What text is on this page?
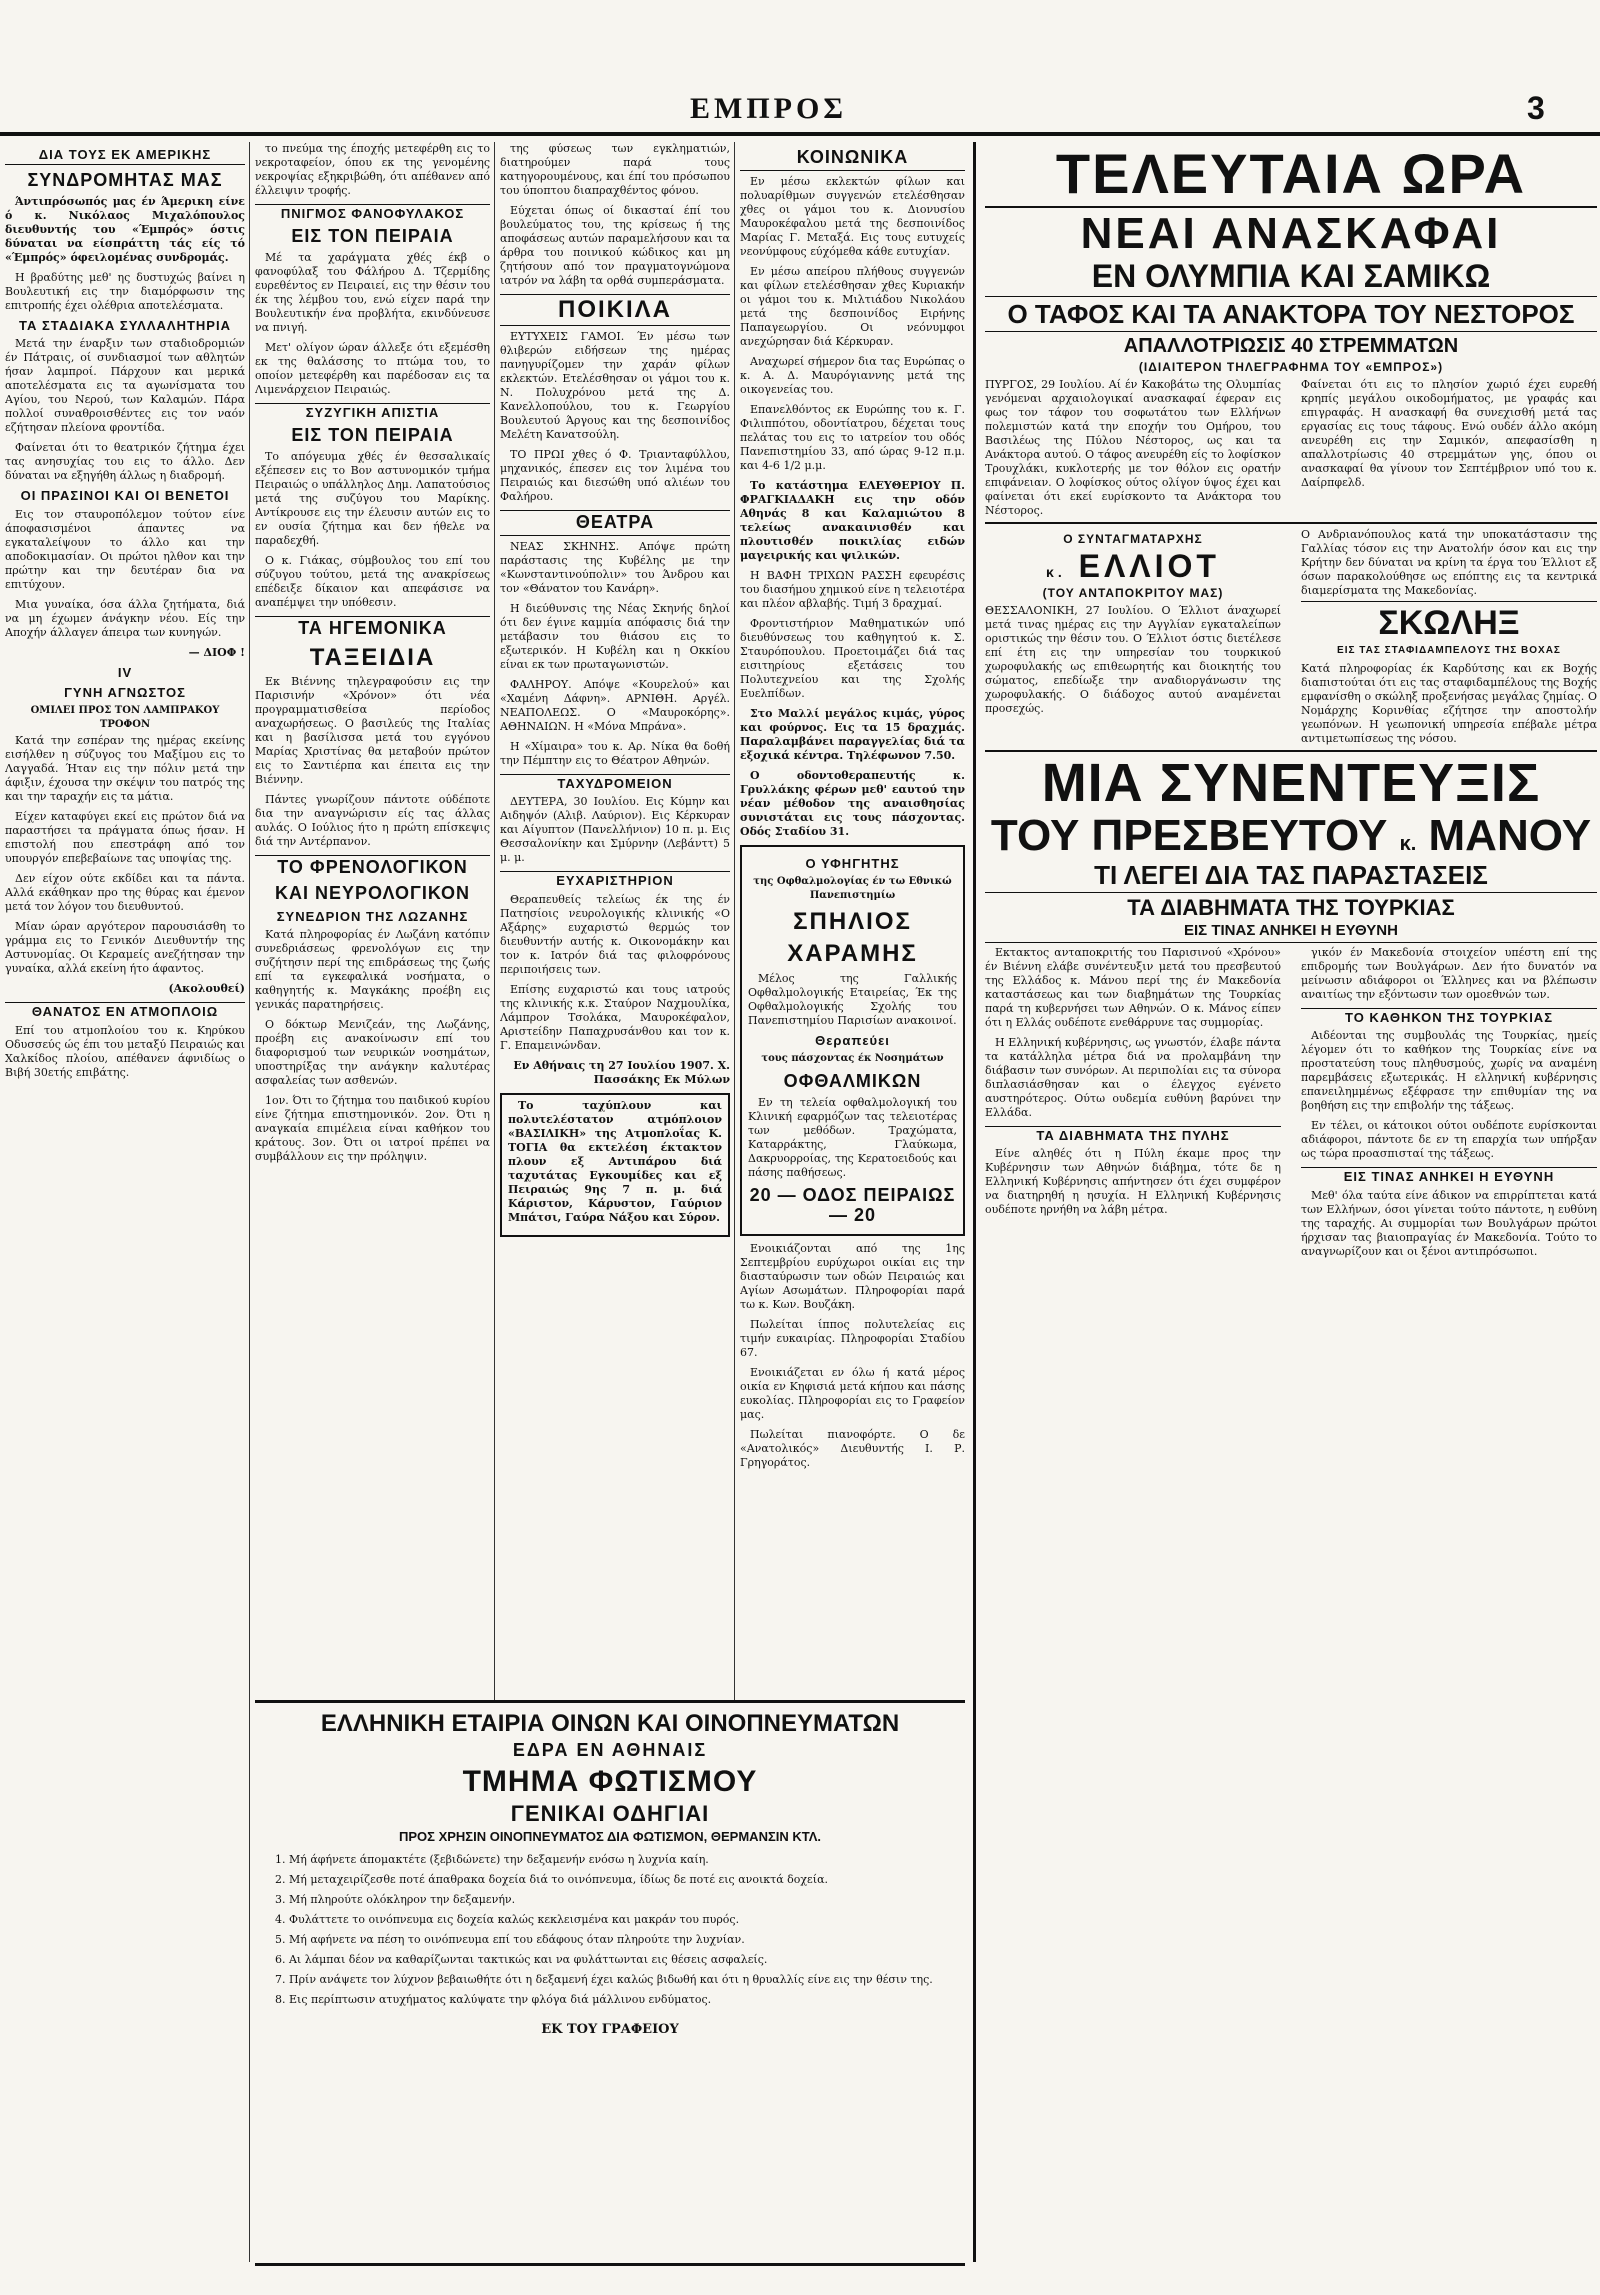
ΕΜΠΡΟΣ	3
ΔΙΑ ΤΟΥΣ ΕΚ ΑΜΕΡΙΚΗΣ
ΣΥΝΔΡΟΜΗΤΑΣ ΜΑΣ

Άντιπρόσωπός μας έν Άμερικη είνε ό κ. Νικόλαος Μιχαλόπουλος διευθυντής του «Έμπρός» όστις δύναται να είσπράττη τάς είς τό «Έμπρός» όφειλομένας συνδρομάς.

Η βραδύτης μεθ' ης δυστυχώς βαίνει η Βουλευτική εις την διαμόρφωσιν της επιτροπής έχει ολέθρια αποτελέσματα.

ΤΑ ΣΤΑΔΙΑΚΑ ΣΥΛΛΑΛΗΤΗΡΙΑ

Μετά την έναρξιν των σταδιοδρομιών έν Πάτραις, οί συνδιασμοί των αθλητών ήσαν λαμπροί. Πάρχουν και μερικά αποτελέσματα εις τα αγωνίσματα του Αγίου, του Νερού, των Καλαμών. Πάρα πολλοί συναθροισθέντες εις τον ναόν εζήτησαν πλείονα φροντίδα.

Φαίνεται ότι το θεατρικόν ζήτημα έχει τας ανησυχίας του εις το άλλο. Δεν δύναται να εξηγήθη άλλως η διαδρομή.

ΟΙ ΠΡΑΣΙΝΟΙ ΚΑΙ ΟΙ ΒΕΝΕΤΟΙ

Εις τον σταυροπόλεμον τούτον είνε άποφασισμένοι άπαντες να εγκαταλείψουν το άλλο και την αποδοκιμασίαν. Οι πρώτοι ηλθον και την πρώτην και την δευτέραν δια να επιτύχουν.

Μια γυναίκα, όσα άλλα ζητήματα, διά να μη έχωμεν άνάγκην νέου. Είς την Αποχήν άλλαγεν άπειρα των κυνηγών.

— ΔΙΟΦ !

IV
ΓΥΝΗ ΑΓΝΩΣΤΟΣ
ΟΜΙΛΕΙ ΠΡΟΣ ΤΟΝ ΛΑΜΠΡΑΚΟΥ ΤΡΟΦΟΝ

Κατά την εσπέραν της ημέρας εκείνης εισήλθεν η σύζυγος του Μαξίμου εις το Λαγγαδά. Ήταν εις την πόλιν μετά την άφιξιν, έχουσα την σκέψιν του πατρός της και την ταραχήν εις τα μάτια.

Είχεν καταφύγει εκεί εις πρώτον διά να παραστήσει τα πράγματα όπως ήσαν. Η επιστολή που επεστράφη από τον υπουργόν επεβεβαίωνε τας υποψίας της.

Δεν είχον ούτε εκδίδει και τα πάντα. Αλλά εκάθηκαν προ της θύρας και έμενον μετά τον λόγον του διευθυντού.

Μίαν ώραν αργότερον παρουσιάσθη το γράμμα εις το Γενικόν Διευθυντήν της Αστυνομίας. Οι Κεραμείς ανεζήτησαν την γυναίκα, αλλά εκείνη ήτο άφαντος.

(Ακολουθεί)

ΘΑΝΑΤΟΣ ΕΝ ΑΤΜΟΠΛΟΙΩ

Επί του ατμοπλοίου του κ. Κηρύκου Οδυσσεύς ώς έπι του μεταξύ Πειραιώς και Χαλκίδος πλοίου, απέθανεν άφνιδίως ο Βιβή 30ετής επιβάτης.

το πνεύμα της έποχής μετεφέρθη εις το νεκροταφείον, όπου εκ της γενομένης νεκροψίας εξηκριβώθη, ότι απέθανεν από έλλειψιν τροφής.

ΠΝΙΓΜΟΣ ΦΑΝΟΦΥΛΑΚΟΣ
ΕΙΣ ΤΟΝ ΠΕΙΡΑΙΑ

Μέ τα χαράγματα χθές έκβ ο φανοφύλαξ του Φάλήρου Δ. Τζερμίδης ευρεθέντος εν Πειραιεί, εις την θέσιν του έκ της λέμβου του, ενώ είχεν παρά την Βουλευτικήν ένα προβλήτα, εκινδύνευσε να πνιγή.

Μετ' ολίγον ώραν άλλεξε ότι εξεμέσθη εκ της θαλάσσης το πτώμα του, το οποίον μετεφέρθη και παρέδοσαν εις τα Λιμενάρχειον Πειραιώς.

ΣΥΖΥΓΙΚΗ ΑΠΙΣΤΙΑ
ΕΙΣ ΤΟΝ ΠΕΙΡΑΙΑ

Το απόγευμα χθές έν θεσσαλικαίς εξέπεσεν εις το Βον αστυνομικόν τμήμα Πειραιώς ο υπάλληλος Δημ. Λαπατούσιος μετά της συζύγου του Μαρίκης. Αντίκρουσε εις την έλευσιν αυτών εις το εν ουσία ζήτημα και δεν ήθελε να παραδεχθή.

Ο κ. Γιάκας, σύμβουλος του επί του σύζυγου τούτου, μετά της ανακρίσεως επέδειξε δίκαιον και απεφάσισε να αναπέμψει την υπόθεσιν.

ΤΑ ΗΓΕΜΟΝΙΚΑ
ΤΑΞΕΙΔΙΑ

Εκ Βιέννης τηλεγραφούσιν εις την Παρισινήν «Χρόνον» ότι νέα προγραμματισθείσα περίοδος αναχωρήσεως. Ο βασιλεύς της Ιταλίας και η βασίλισσα μετά του εγγόνου Μαρίας Χριστίνας θα μεταβούν πρώτον εις το Σαντιέρπα και έπειτα εις την Βιέννην.

Πάντες γνωρίζουν πάντοτε ούδέποτε δια την αναγνώρισιν είς τας άλλας αυλάς. Ο Ιούλιος ήτο η πρώτη επίσκεψις διά την Αντέρπανον.

ΤΟ ΦΡΕΝΟΛΟΓΙΚΟΝ
ΚΑΙ ΝΕΥΡΟΛΟΓΙΚΟΝ
ΣΥΝΕΔΡΙΟΝ ΤΗΣ ΛΩΖΑΝΗΣ

Κατά πληροφορίας έν Λωζάνη κατόπιν συνεδριάσεως φρενολόγων εις την συζήτησιν περί της επιδράσεως της ζωής επί τα εγκεφαλικά νοσήματα, ο καθηγητής κ. Μαγκάκης προέβη εις γενικάς παρατηρήσεις.

Ο δόκτωρ Μενιζεάν, της Λωζάνης, προέβη εις ανακοίνωσιν επί του διαφορισμού των νευρικών νοσημάτων, υποστηρίξας την ανάγκην καλυτέρας ασφαλείας των ασθενών.

1ον. Ότι το ζήτημα του παιδικού κυρίου είνε ζήτημα επιστημονικόν. 2ον. Ότι η αναγκαία επιμέλεια είναι καθήκον του κράτους. 3ον. Ότι οι ιατροί πρέπει να συμβάλλουν εις την πρόληψιν.

της φύσεως των εγκληματιών, διατηρούμεν παρά τους κατηγορουμένους, και έπί του πρόσωπου του ύποπτου διαπραχθέντος φόνου.

Εύχεται όπως οί δικασταί έπί του βουλεύματος του, της κρίσεως ή της αποφάσεως αυτών παραμελήσουν και τα άρθρα του ποινικού κώδικος και μη ζητήσουν από τον πραγματογνώμονα ιατρόν να λάβη τα ορθά συμπεράσματα.

ΠΟΙΚΙΛΑ

ΕΥΤΥΧΕΙΣ ΓΑΜΟΙ. Έν μέσω των θλιβερών ειδήσεων της ημέρας πανηγυρίζομεν την χαράν φίλων εκλεκτών. Ετελέσθησαν οι γάμοι του κ. Ν. Πολυχρόνου μετά της Δ. Κανελλοπούλου, του κ. Γεωργίου Βουλευτού Άργους και της δεσποινίδος Μελέτη Κανατσούλη.

ΤΟ ΠΡΩΙ χθες ό Φ. Τριανταφύλλου, μηχανικός, έπεσεν εις τον λιμένα του Πειραιώς και διεσώθη υπό αλιέων του Φαλήρου.

ΘΕΑΤΡΑ

ΝΕΑΣ ΣΚΗΝΗΣ. Απόψε πρώτη παράστασις της Κυβέλης με την «Κωνσταντινούπολιν» του Άνδρου και τον «Θάνατον του Κανάρη».

Η διεύθυνσις της Νέας Σκηνής δηλοί ότι δεν έγινε καμμία απόφασις διά την μετάβασιν του θιάσου εις το εξωτερικόν. Η Κυβέλη και η Οκκίου είναι εκ των πρωταγωνιστών.

ΦΑΛΗΡΟΥ. Απόψε «Κουρελού» και «Χαμένη Δάφνη». ΑΡΝΙΘΗ. Αργέλ. ΝΕΑΠΟΛΕΩΣ. Ο «Μαυροκόρης». ΑΘΗΝΑΙΩΝ. Η «Μόνα Μπράνα».

Η «Χίμαιρα» του κ. Αρ. Νίκα θα δοθή την Πέμπτην εις το Θέατρον Αθηνών.

ΤΑΧΥΔΡΟΜΕΙΟΝ

ΔΕΥΤΕΡΑ, 30 Ιουλίου. Εις Κύμην και Αιδηψόν (Αλιβ. Λαύριον). Εις Κέρκυραν και Αίγυπτον (Πανελλήνιον) 10 π. μ. Εις Θεσσαλονίκην και Σμύρνην (Λεβάνττ) 5 μ. μ.

ΕΥΧΑΡΙΣΤΗΡΙΟΝ

Θεραπευθείς τελείως έκ της έν Πατησίοις νευρολογικής κλινικής «Ο Αξάρης» ευχαριστώ θερμώς τον διευθυντήν αυτής κ. Οικονομάκην και τον κ. Ιατρόν διά τας φιλοφρόνους περιποιήσεις των.

Επίσης ευχαριστώ και τους ιατρούς της κλινικής κ.κ. Σταύρον Ναχμουλίκα, Λάμπρον Τσολάκα, Μαυροκέφαλον, Αριστείδην Παπαχρυσάνθου και τον κ. Γ. Επαμεινώνδαν.

Εν Αθήναις τη 27 Ιουλίου 1907. Χ. Πασσάκης Εκ Μύλων

Το ταχύπλουν και πολυτελέστατον ατμόπλοιον «ΒΑΣΙΛΙΚΗ» της Ατμοπλοΐας Κ. ΤΟΓΙΑ θα εκτελέση έκτακτον πλουν εξ Αντιπάρου διά ταχυτάτας Εγκουμίδες και εξ Πειραιώς 9ης 7 π. μ. διά Κάριστον, Κάρυστον, Γαύριον Μπάτσι, Γαύρα Νάξου και Σύρον.

ΚΟΙΝΩΝΙΚΑ

Εν μέσω εκλεκτών φίλων και πολυαρίθμων συγγενών ετελέσθησαν χθες οι γάμοι του κ. Διονυσίου Μαυροκέφαλου μετά της δεσποινίδος Μαρίας Γ. Μεταξά. Εις τους ευτυχείς νεονύμφους εύχόμεθα κάθε ευτυχίαν.

Εν μέσω απείρου πλήθους συγγενών και φίλων ετελέσθησαν χθες Κυριακήν οι γάμοι του κ. Μιλτιάδου Νικολάου μετά της δεσποινίδος Ειρήνης Παπαγεωργίου. Οι νεόνυμφοι ανεχώρησαν διά Κέρκυραν.

Αναχωρεί σήμερον δια τας Ευρώπας ο κ. Α. Δ. Μαυρόγιαννης μετά της οικογενείας του.

Επανελθόντος εκ Ευρώπης του κ. Γ. Φιλιππότου, οδοντίατρου, δέχεται τους πελάτας του εις το ιατρείον του οδός Πανεπιστημίου 33, από ώρας 9-12 π.μ. και 4-6 1/2 μ.μ.

Το κατάστημα ΕΛΕΥΘΕΡΙΟΥ Π. ΦΡΑΓΚΙΑΔΑΚΗ εις την οδόν Αθηνάς 8 και Καλαμιώτου 8 τελείως ανακαινισθέν και πλουτισθέν ποικιλίας ειδών μαγειρικής και ψιλικών.

Η ΒΑΦΗ ΤΡΙΧΩΝ ΡΑΣΣΗ εφευρέσις του διασήμου χημικού είνε η τελειοτέρα και πλέον αβλαβής. Τιμή 3 δραχμαί.

Φροντιστήριον Μαθηματικών υπό διευθύνσεως του καθηγητού κ. Σ. Σταυρόπουλου. Προετοιμάζει διά τας εισιτηρίους εξετάσεις του Πολυτεχνείου και της Σχολής Ευελπίδων.

Στο Μαλλί μεγάλος κιμάς, γύρος και φούρνος. Εις τα 15 δραχμάς. Παραλαμβάνει παραγγελίας διά τα εξοχικά κέντρα. Τηλέφωνον 7.50.

Ο οδοντοθεραπευτής κ. Γρυλλάκης φέρων μεθ' εαυτού την νέαν μέθοδον της αναισθησίας συνιστάται εις τους πάσχοντας. Οδός Σταδίου 31.

Ο ΥΦΗΓΗΤΗΣ
της Οφθαλμολογίας έν τω Εθνικώ Πανεπιστημίω
ΣΠΗΛΙΟΣ
ΧΑΡΑΜΗΣ

Μέλος της Γαλλικής Οφθαλμολογικής Εταιρείας, Έκ της Οφθαλμολογικής Σχολής του Πανεπιστημίου Παρισίων ανακοινοί.

Θεραπεύει
τους πάσχοντας έκ Νοσημάτων
ΟΦΘΑΛΜΙΚΩΝ

Εν τη τελεία οφθαλμολογική του Κλινική εφαρμόζων τας τελειοτέρας των μεθόδων. Τραχώματα, Καταρράκτης, Γλαύκωμα, Δακρυορροίας, της Κερατοειδούς και πάσης παθήσεως.

20 — ΟΔΟΣ ΠΕΙΡΑΙΩΣ — 20

Ενοικιάζονται από της 1ης Σεπτεμβρίου ευρύχωροι οικίαι εις την διασταύρωσιν των οδών Πειραιώς και Αγίων Ασωμάτων. Πληροφορίαι παρά τω κ. Κων. Βουζάκη.

Πωλείται ίππος πολυτελείας εις τιμήν ευκαιρίας. Πληροφορίαι Σταδίου 67.

Ενοικιάζεται εν όλω ή κατά μέρος οικία εν Κηφισιά μετά κήπου και πάσης ευκολίας. Πληροφορίαι εις το Γραφείον μας.

Πωλείται πιανοφόρτε. Ο δε «Ανατολικός» Διευθυντής Ι. Ρ. Γρηγοράτος.

ΤΕΛΕΥΤΑΙΑ ΩΡΑ
ΝΕΑΙ ΑΝΑΣΚΑΦΑΙ
ΕΝ ΟΛΥΜΠΙΑ ΚΑΙ ΣΑΜΙΚΩ
Ο ΤΑΦΟΣ ΚΑΙ ΤΑ ΑΝΑΚΤΟΡΑ ΤΟΥ ΝΕΣΤΟΡΟΣ
ΑΠΑΛΛΟΤΡΙΩΣΙΣ 40 ΣΤΡΕΜΜΑΤΩΝ
(ΙΔΙΑΙΤΕΡΟΝ ΤΗΛΕΓΡΑΦΗΜΑ ΤΟΥ «ΕΜΠΡΟΣ»)
ΠΥΡΓΟΣ, 29 Ιουλίου. Αί έν Κακοβάτω της Ολυμπίας γενόμεναι αρχαιολογικαί ανασκαφαί έφεραν εις φως τον τάφον του σοφωτάτου των Ελλήνων πολεμιστών κατά την εποχήν του Ομήρου, του Βασιλέως της Πύλου Νέστορος, ως και τα Ανάκτορα αυτού. Ο τάφος ανευρέθη είς το λοφίσκον Τρουχλάκι, κυκλοτερής με τον θόλον εις ορατήν επιφάνειαν. Ο λοφίσκος ούτος ολίγον ύψος έχει και φαίνεται ότι εκεί ευρίσκοντο τα Ανάκτορα του Νέστορος.
Φαίνεται ότι εις το πλησίον χωριό έχει ευρεθή κρηπίς μεγάλου οικοδομήματος, με γραφάς και επιγραφάς. Η ανασκαφή θα συνεχισθή μετά τας εργασίας εις τους τάφους. Ενώ ουδέν άλλο ακόμη ανευρέθη εις την Σαμικόν, απεφασίσθη η απαλλοτρίωσις 40 στρεμμάτων γης, όπου οι ανασκαφαί θα γίνουν τον Σεπτέμβριον υπό του κ. Δαίρπφελδ.
Ο ΣΥΝΤΑΓΜΑΤΑΡΧΗΣ
κ. ΕΛΛΙΟΤ
(ΤΟΥ ΑΝΤΑΠΟΚΡΙΤΟΥ ΜΑΣ)
ΘΕΣΣΑΛΟΝΙΚΗ, 27 Ιουλίου. Ο Έλλιοτ άναχωρεί μετά τινας ημέρας εις την Αγγλίαν εγκαταλείπων οριστικώς την θέσιν του. Ο Έλλιοτ όστις διετέλεσε επί έτη εις την υπηρεσίαν του τουρκικού χωροφυλακής ως επιθεωρητής και διοικητής του σώματος, επεδίωξε την αναδιοργάνωσιν της χωροφυλακής. Ο διάδοχος αυτού αναμένεται προσεχώς.
Ο Ανδριανόπουλος κατά την υποκατάστασιν της Γαλλίας τόσον εις την Ανατολήν όσον και εις την Κρήτην δεν δύναται να κρίνη τα έργα του Έλλιοτ εξ όσων παρακολούθησε ως επόπτης εις τα κεντρικά διαμερίσματα της Μακεδονίας.
ΣΚΩΛΗΞ
ΕΙΣ ΤΑΣ ΣΤΑΦΙΔΑΜΠΕΛΟΥΣ ΤΗΣ ΒΟΧΑΣ
Κατά πληροφορίας έκ Καρδύτσης και εκ Βοχής διαπιστούται ότι εις τας σταφιδαμπέλους της Βοχής εμφανίσθη ο σκώληξ προξενήσας μεγάλας ζημίας. Ο Νομάρχης Κορινθίας εζήτησε την αποστολήν γεωπόνων. Η γεωπονική υπηρεσία επέβαλε μέτρα αντιμετωπίσεως της νόσου.
ΜΙΑ ΣΥΝΕΝΤΕΥΞΙΣ
ΤΟΥ ΠΡΕΣΒΕΥΤΟΥ κ. ΜΑΝΟΥ
ΤΙ ΛΕΓΕΙ ΔΙΑ ΤΑΣ ΠΑΡΑΣΤΑΣΕΙΣ
ΤΑ ΔΙΑΒΗΜΑΤΑ ΤΗΣ ΤΟΥΡΚΙΑΣ
ΕΙΣ ΤΙΝΑΣ ΑΝΗΚΕΙ Η ΕΥΘΥΝΗ

Εκτακτος ανταποκριτής του Παρισινού «Χρόνου» έν Βιέννη ελάβε συνέντευξιν μετά του πρεσβευτού της Ελλάδος κ. Μάνου περί της έν Μακεδονία καταστάσεως και των διαβημάτων της Τουρκίας παρά τη κυβερνήσει των Αθηνών. Ο κ. Μάνος είπεν ότι η Ελλάς ουδέποτε ενεθάρρυνε τας συμμορίας.

Η Ελληνική κυβέρνησις, ως γνωστόν, έλαβε πάντα τα κατάλληλα μέτρα διά να προλαμβάνη την διάβασιν των συνόρων. Αι περιπολίαι εις τα σύνορα διπλασιάσθησαν και ο έλεγχος εγένετο αυστηρότερος. Ούτω ουδεμία ευθύνη βαρύνει την Ελλάδα.

ΤΑ ΔΙΑΒΗΜΑΤΑ ΤΗΣ ΠΥΛΗΣ

Είνε αληθές ότι η Πύλη έκαμε προς την Κυβέρνησιν των Αθηνών διάβημα, τότε δε η Ελληνική Κυβέρνησις απήντησεν ότι έχει συμφέρον να διατηρηθή η ησυχία. Η Ελληνική Κυβέρνησις ουδέποτε ηρνήθη να λάβη μέτρα.

γικόν έν Μακεδονία στοιχείον υπέστη επί της επιδρομής των Βουλγάρων. Δεν ήτο δυνατόν να μείνωσιν αδιάφοροι οι Έλληνες και να βλέπωσιν αναιτίως την εξόντωσιν των ομοεθνών των.

ΤΟ ΚΑΘΗΚΟΝ ΤΗΣ ΤΟΥΡΚΙΑΣ

Αιδέονται της συμβουλάς της Τουρκίας, ημείς λέγομεν ότι το καθήκον της Τουρκίας είνε να προστατεύση τους πληθυσμούς, χωρίς να αναμένη παρεμβάσεις εξωτερικάς. Η ελληνική κυβέρνησις επανειλημμένως εξέφρασε την επιθυμίαν της να βοηθήση εις την επιβολήν της τάξεως.

Εν τέλει, οι κάτοικοι ούτοι ουδέποτε ευρίσκονται αδιάφοροι, πάντοτε δε εν τη επαρχία των υπήρξαν ως τώρα προασπισταί της τάξεως.

ΕΙΣ ΤΙΝΑΣ ΑΝΗΚΕΙ Η ΕΥΘΥΝΗ

Μεθ' όλα ταύτα είνε άδικον να επιρρίπτεται κατά των Ελλήνων, όσοι γίνεται τούτο πάντοτε, η ευθύνη της ταραχής. Αι συμμορίαι των Βουλγάρων πρώτοι ήρχισαν τας βιαιοπραγίας έν Μακεδονία. Τούτο το αναγνωρίζουν και οι ξένοι αντιπρόσωποι.

ΕΛΛΗΝΙΚΗ ΕΤΑΙΡΙΑ ΟΙΝΩΝ ΚΑΙ ΟΙΝΟΠΝΕΥΜΑΤΩΝ
ΕΔΡΑ ΕΝ ΑΘΗΝΑΙΣ
ΤΜΗΜΑ ΦΩΤΙΣΜΟΥ
ΓΕΝΙΚΑΙ ΟΔΗΓΙΑΙ
ΠΡΟΣ ΧΡΗΣΙΝ ΟΙΝΟΠΝΕΥΜΑΤΟΣ ΔΙΑ ΦΩΤΙΣΜΟΝ, ΘΕΡΜΑΝΣΙΝ ΚΤΛ.

1. Μή άφήνετε άπομακτέτε (ξεβιδώνετε) την δεξαμενήν ενόσω η λυχνία καίη.

2. Μή μεταχειρίζεσθε ποτέ άπαθρακα δοχεία διά το οινόπνευμα, ίδίως δε ποτέ εις ανοικτά δοχεία.

3. Μή πληρούτε ολόκληρον την δεξαμενήν.

4. Φυλάττετε το οινόπνευμα εις δοχεία καλώς κεκλεισμένα και μακράν του πυρός.

5. Μή αφήνετε να πέση το οινόπνευμα επί του εδάφους όταν πληρούτε την λυχνίαν.

6. Αι λάμπαι δέον να καθαρίζωνται τακτικώς και να φυλάττωνται εις θέσεις ασφαλείς.

7. Πρίν ανάψετε τον λύχνον βεβαιωθήτε ότι η δεξαμενή έχει καλώς βιδωθή και ότι η θρυαλλίς είνε εις την θέσιν της.

8. Εις περίπτωσιν ατυχήματος καλύψατε την φλόγα διά μάλλινου ενδύματος.

ΕΚ ΤΟΥ ΓΡΑΦΕΙΟΥ
